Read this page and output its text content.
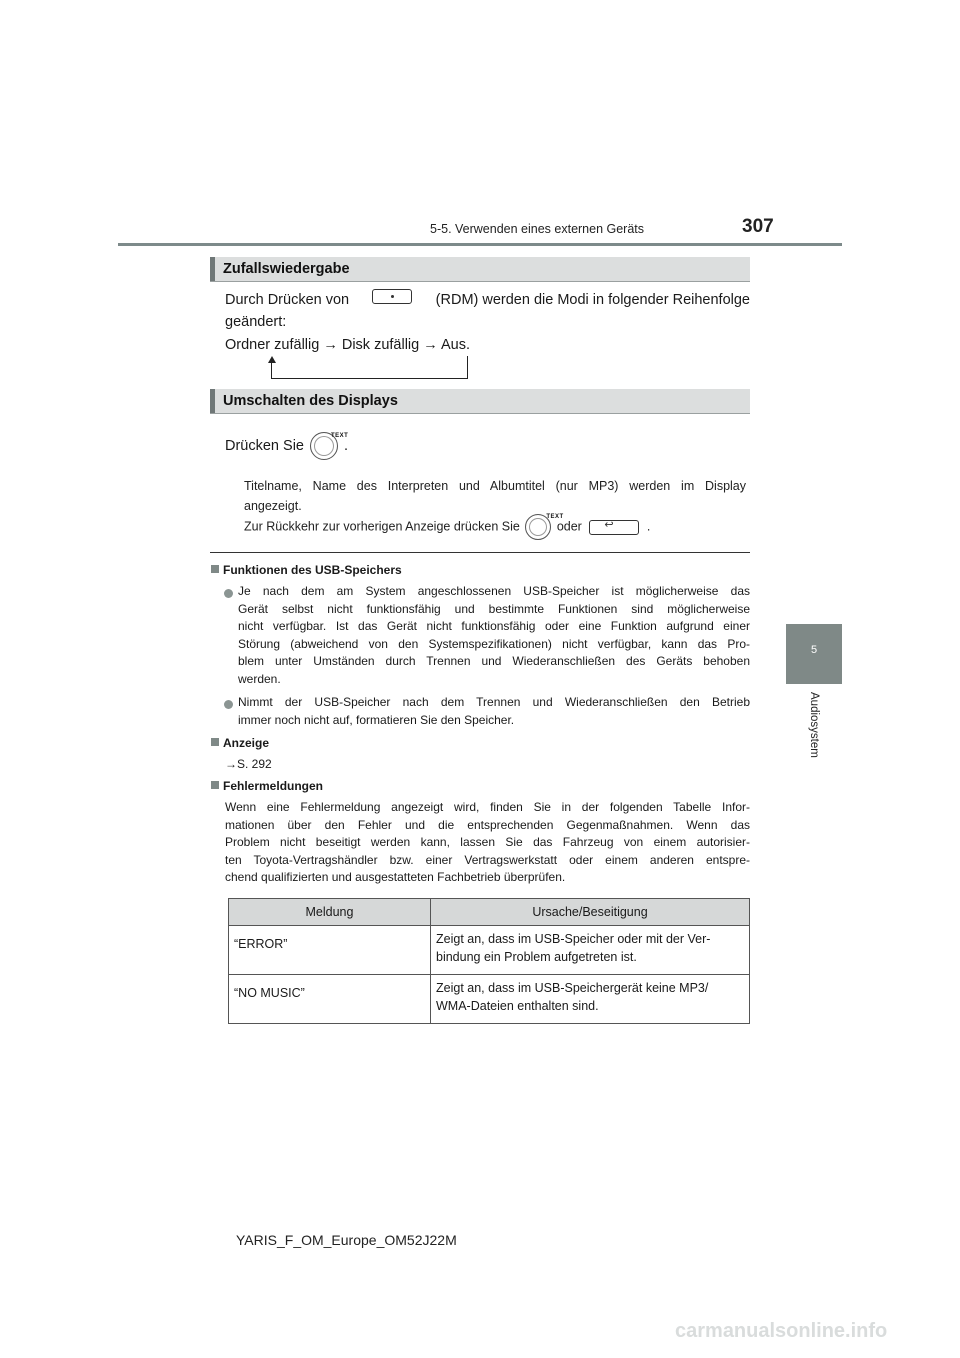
5-5. Verwenden eines externen Geräts	307
5
Audiosystem
Zufallswiedergabe
Durch Drücken von	(RDM) werden die Modi in folgender Reihenfolge
geändert:
Ordner zufällig → Disk zufällig → Aus.
Umschalten des Displays
Drücken Sie
TEXT
.
Titelname, Name des Interpreten und Albumtitel (nur MP3) werden im Display
angezeigt.
Zur Rückkehr zur vorherigen Anzeige drücken Sie
TEXT
oder ↩	.
Funktionen des USB-Speichers
Je nach dem am System angeschlossenen USB-Speicher ist möglicherweise das
Gerät selbst nicht funktionsfähig und bestimmte Funktionen sind möglicherweise
nicht verfügbar. Ist das Gerät nicht funktionsfähig oder eine Funktion aufgrund einer
Störung (abweichend von den Systemspezifikationen) nicht verfügbar, kann das Pro-
blem unter Umständen durch Trennen und Wiederanschließen des Geräts behoben
werden.
Nimmt der USB-Speicher nach dem Trennen und Wiederanschließen den Betrieb
immer noch nicht auf, formatieren Sie den Speicher.
Anzeige
→S. 292
Fehlermeldungen
Wenn eine Fehlermeldung angezeigt wird, finden Sie in der folgenden Tabelle Infor-
mationen über den Fehler und die entsprechenden Gegenmaßnahmen. Wenn das
Problem nicht beseitigt werden kann, lassen Sie das Fahrzeug von einem autorisier-
ten Toyota-Vertragshändler bzw. einer Vertragswerkstatt oder einem anderen entspre-
chend qualifizierten und ausgestatteten Fachbetrieb überprüfen.
Meldung	Ursache/Beseitigung
“ERROR”	Zeigt an, dass im USB-Speicher oder mit der Ver-
bindung ein Problem aufgetreten ist.

“NO MUSIC”	Zeigt an, dass im USB-Speichergerät keine MP3/
WMA-Dateien enthalten sind.
YARIS_F_OM_Europe_OM52J22M
carmanualsonline.info
